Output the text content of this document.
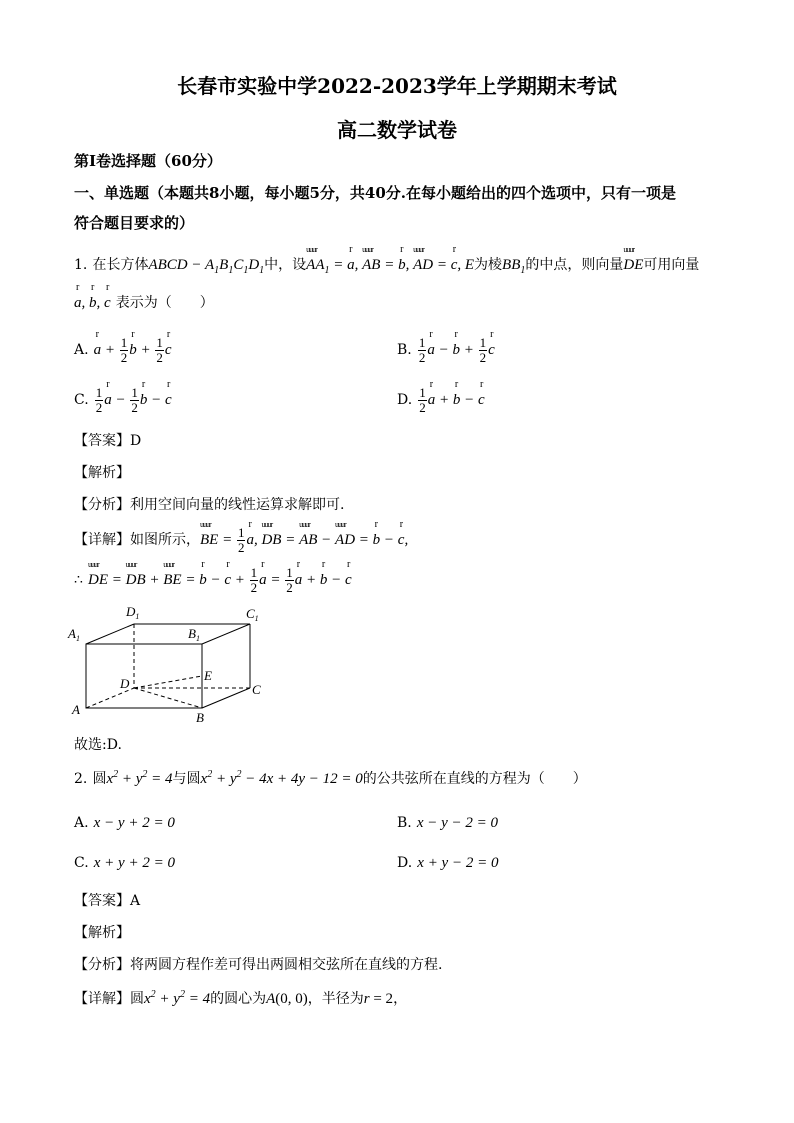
长春市实验中学2022-2023学年上学期期末考试
高二数学试卷
第I卷选择题（60分）
一、单选题（本题共8小题，每小题5分，共40分.在每小题给出的四个选项中，只有一项是
符合题目要求的）
1. 在长方体ABCD − $A_1B_1C_1D_1$中，设uuur $AA_1 = r$ a, uuur AB = r b, uuur AD = r c, E为棱$BB_1$的中点，则向量uuur DE可用向量
r a, r b, r c 表示为（　　）
A. r $a + \frac{1}{2}$ r $b + \frac{1}{2}$ r c	B. $\frac{1}{2}$ r a − r $b + \frac{1}{2}$ r c
C. $\frac{1}{2}$ r $a - \frac{1}{2}$ r b − r c	D. $\frac{1}{2}$ r a + r b − r c
【答案】D
【解析】
【分析】利用空间向量的线性运算求解即可.
【详解】如图所示，uuur BE = $\frac{1}{2}$ r a, uuur DB = uuur AB − uuur AD = r b − r c,
∴ uuur DE = uuur DB + uuur BE = r b − r $c + \frac{1}{2}$ r $a = \frac{1}{2}$ r a + r b − r c
$A_1$
$D_1$
$B_1$
$C_1$
D
E
C
A
B
故选:D.
2. 圆$x^2 + y^2 = 4$与圆$x^2 + y^2 - 4x + 4y - 12 = 0$的公共弦所在直线的方程为（　　）
A. x − y + 2 = 0	B. x − y − 2 = 0
C. x + y + 2 = 0	D. x + y − 2 = 0
【答案】A
【解析】
【分析】将两圆方程作差可得出两圆相交弦所在直线的方程.
【详解】圆$x^2 + y^2 = 4$的圆心为A(0, 0)，半径为r = 2，
